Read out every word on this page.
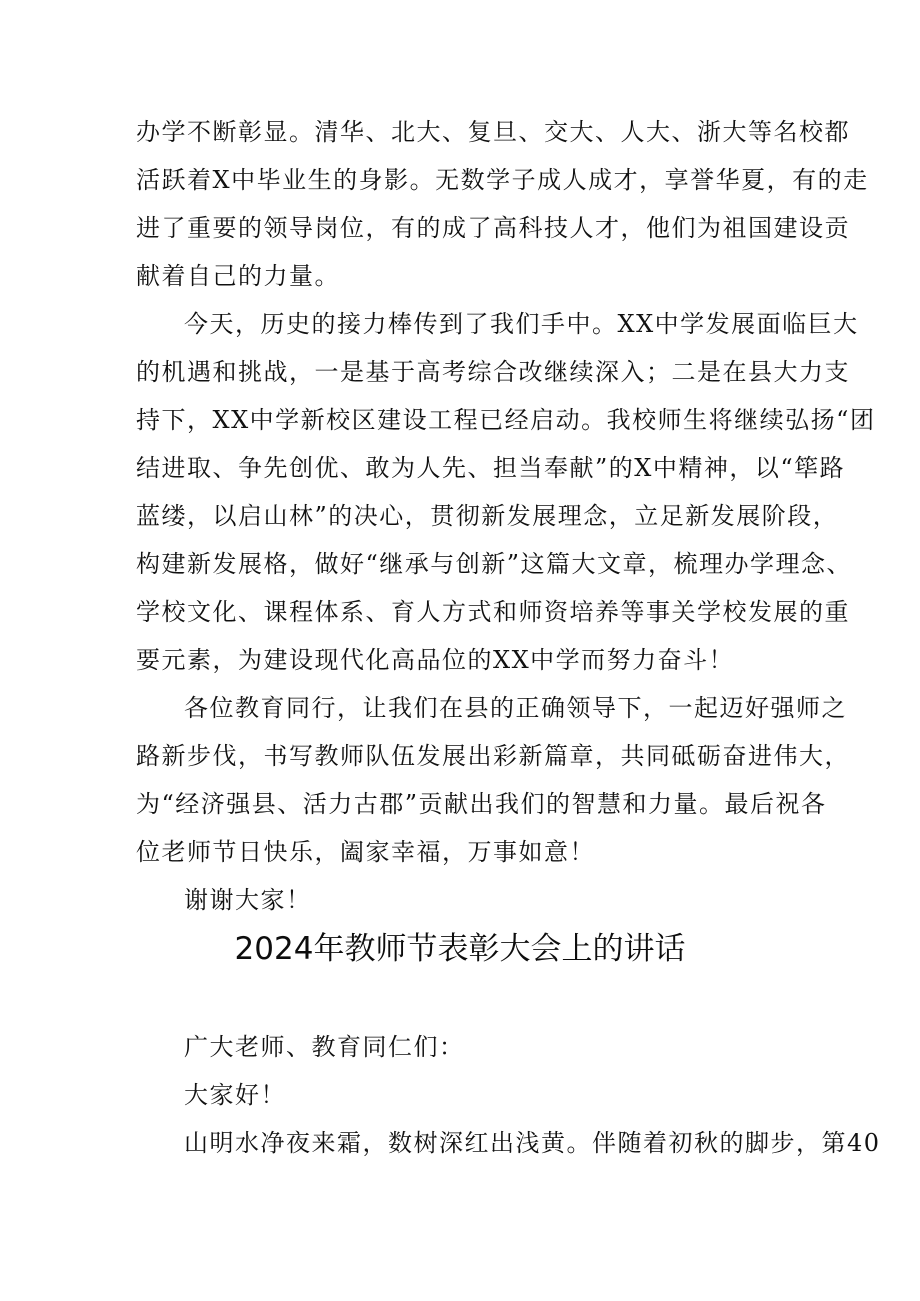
办学不断彰显。清华、北大、复旦、交大、人大、浙大等名校都
活跃着X中毕业生的身影。无数学子成人成才，享誉华夏，有的走
进了重要的领导岗位，有的成了高科技人才，他们为祖国建设贡
献着自己的力量。
今天，历史的接力棒传到了我们手中。XX中学发展面临巨大
的机遇和挑战，一是基于高考综合改继续深入；二是在县大力支
持下，XX中学新校区建设工程已经启动。我校师生将继续弘扬“团
结进取、争先创优、敢为人先、担当奉献”的X中精神，以“筚路
蓝缕，以启山林”的决心，贯彻新发展理念，立足新发展阶段，
构建新发展格，做好“继承与创新”这篇大文章，梳理办学理念、
学校文化、课程体系、育人方式和师资培养等事关学校发展的重
要元素，为建设现代化高品位的XX中学而努力奋斗！
各位教育同行，让我们在县的正确领导下，一起迈好强师之
路新步伐，书写教师队伍发展出彩新篇章，共同砥砺奋进伟大，
为“经济强县、活力古郡”贡献出我们的智慧和力量。最后祝各
位老师节日快乐，阖家幸福，万事如意！
谢谢大家！
2024年教师节表彰大会上的讲话
广大老师、教育同仁们：
大家好！
山明水净夜来霜，数树深红出浅黄。伴随着初秋的脚步，第40
